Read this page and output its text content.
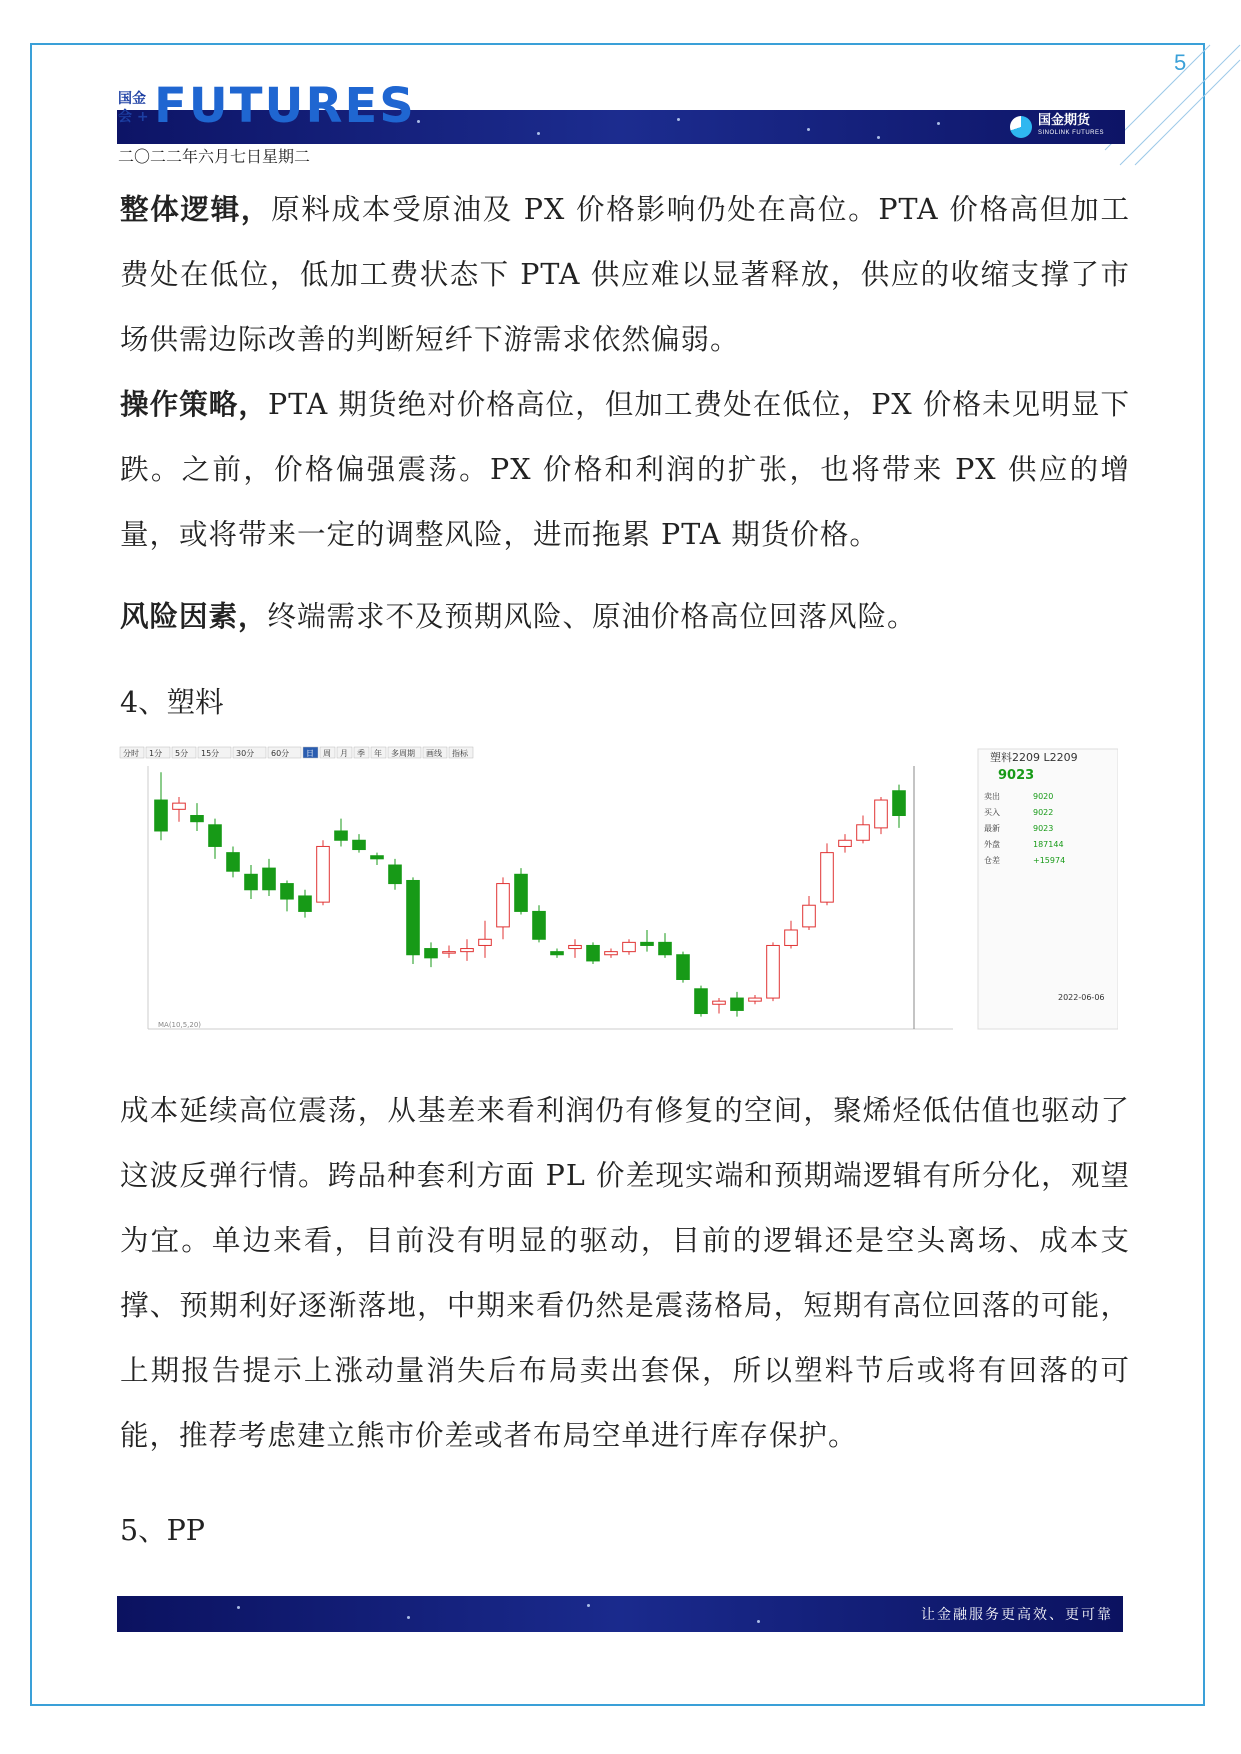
5
国金
会 + FUTURES	国金期货
SINOLINK FUTURES
二〇二二年六月七日星期二

整体逻辑，原料成本受原油及 PX 价格影响仍处在高位。PTA 价格高但加工费处在低位，低加工费状态下 PTA 供应难以显著释放，供应的收缩支撑了市场供需边际改善的判断短纤下游需求依然偏弱。

操作策略，PTA 期货绝对价格高位，但加工费处在低位，PX 价格未见明显下跌。之前，价格偏强震荡。PX 价格和利润的扩张，也将带来 PX 供应的增量，或将带来一定的调整风险，进而拖累 PTA 期货价格。

风险因素，终端需求不及预期风险、原油价格高位回落风险。

4、塑料
分时 1分 5分 15分 30分 60分 日 周 月 季 年 多周期 画线 指标	塑料2209 L2209
9023
卖出	9020
买入	9022
最新	9023
外盘	187144
仓差	+15974
MA(10,5,20)
2022-06-06

成本延续高位震荡，从基差来看利润仍有修复的空间，聚烯烃低估值也驱动了这波反弹行情。跨品种套利方面 PL 价差现实端和预期端逻辑有所分化，观望为宜。单边来看，目前没有明显的驱动，目前的逻辑还是空头离场、成本支撑、预期利好逐渐落地，中期来看仍然是震荡格局，短期有高位回落的可能，上期报告提示上涨动量消失后布局卖出套保，所以塑料节后或将有回落的可能，推荐考虑建立熊市价差或者布局空单进行库存保护。

5、PP
让金融服务更高效、更可靠
